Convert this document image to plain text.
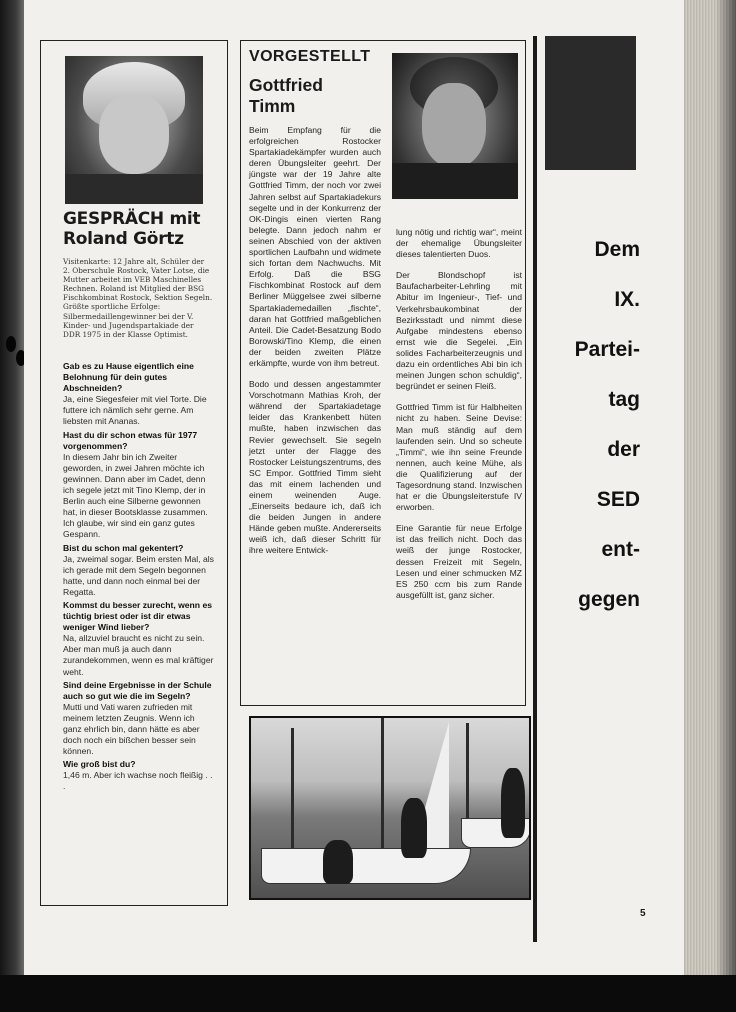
GESPRÄCH mit Roland Görtz

Visitenkarte: 12 Jahre alt, Schüler der 2. Oberschule Rostock, Vater Lotse, die Mutter arbeitet im VEB Maschinelles Rechnen. Roland ist Mitglied der BSG Fischkombinat Rostock, Sektion Segeln. Größte sportliche Erfolge: Silbermedaillengewinner bei der V. Kinder- und Jugendspartakiade der DDR 1975 in der Klasse Optimist.

Gab es zu Hause eigentlich eine Belohnung für dein gutes Abschneiden?

Ja, eine Siegesfeier mit viel Torte. Die futtere ich nämlich sehr gerne. Am liebsten mit Ananas.

Hast du dir schon etwas für 1977 vorgenommen?

In diesem Jahr bin ich Zweiter geworden, in zwei Jahren möchte ich gewinnen. Dann aber im Cadet, denn ich segele jetzt mit Tino Klemp, der in Berlin auch eine Silberne gewonnen hat, in dieser Bootsklasse zusammen. Ich glaube, wir sind ein ganz gutes Gespann.

Bist du schon mal gekentert?

Ja, zweimal sogar. Beim ersten Mal, als ich gerade mit dem Segeln begonnen hatte, und dann noch einmal bei der Regatta.

Kommst du besser zurecht, wenn es tüchtig briest oder ist dir etwas weniger Wind lieber?

Na, allzuviel braucht es nicht zu sein. Aber man muß ja auch dann zurandekommen, wenn es mal kräftiger weht.

Sind deine Ergebnisse in der Schule auch so gut wie die im Segeln?

Mutti und Vati waren zufrieden mit meinem letzten Zeugnis. Wenn ich ganz ehrlich bin, dann hätte es aber doch noch ein bißchen besser sein können.

Wie groß bist du?

1,46 m. Aber ich wachse noch fleißig . . .

VORGESTELLT
Gottfried Timm

Beim Empfang für die erfolgreichen Rostocker Spartakiadekämpfer wurden auch deren Übungsleiter geehrt. Der jüngste war der 19 Jahre alte Gottfried Timm, der noch vor zwei Jahren selbst auf Spartakiadekurs segelte und in der Konkurrenz der OK-Dingis einen vierten Rang belegte. Dann jedoch nahm er seinen Abschied von der aktiven sportlichen Laufbahn und widmete sich fortan dem Nachwuchs. Mit Erfolg. Daß die BSG Fischkombinat Rostock auf dem Berliner Müggelsee zwei silberne Spartakiademedaillen „fischte“, daran hat Gottfried maßgeblichen Anteil. Die Cadet-Besatzung Bodo Borowski/Tino Klemp, die einen der beiden zweiten Plätze erkämpfte, wurde von ihm betreut.

Bodo und dessen angestammter Vorschotmann Mathias Kroh, der während der Spartakiadetage leider das Krankenbett hüten mußte, haben inzwischen das Revier gewechselt. Sie segeln jetzt unter der Flagge des Rostocker Leistungszentrums, des SC Empor. Gottfried Timm sieht das mit einem lachenden und einem weinenden Auge. „Einerseits bedaure ich, daß ich die beiden Jungen in andere Hände geben mußte. Andererseits weiß ich, daß dieser Schritt für ihre weitere Entwick-

lung nötig und richtig war“, meint der ehemalige Übungsleiter dieses talentierten Duos.

Der Blondschopf ist Baufacharbeiter-Lehrling mit Abitur im Ingenieur-, Tief- und Verkehrsbaukombinat der Bezirksstadt und nimmt diese Aufgabe mindestens ebenso ernst wie die Segelei. „Ein solides Facharbeiterzeugnis und dazu ein ordentliches Abi bin ich meinen Jungen schon schuldig“, begründet er seinen Fleiß.

Gottfried Timm ist für Halbheiten nicht zu haben. Seine Devise: Man muß ständig auf dem laufenden sein. Und so scheute „Timmi“, wie ihn seine Freunde nennen, auch keine Mühe, als die Qualifizierung auf der Tagesordnung stand. Inzwischen hat er die Übungsleiterstufe IV erworben.

Eine Garantie für neue Erfolge ist das freilich nicht. Doch das weiß der junge Rostocker, dessen Freizeit mit Segeln, Lesen und einer schmucken MZ ES 250 ccm bis zum Rande ausgefüllt ist, ganz sicher.

Dem
IX.
Partei-
tag
der
SED
ent-
gegen
5
